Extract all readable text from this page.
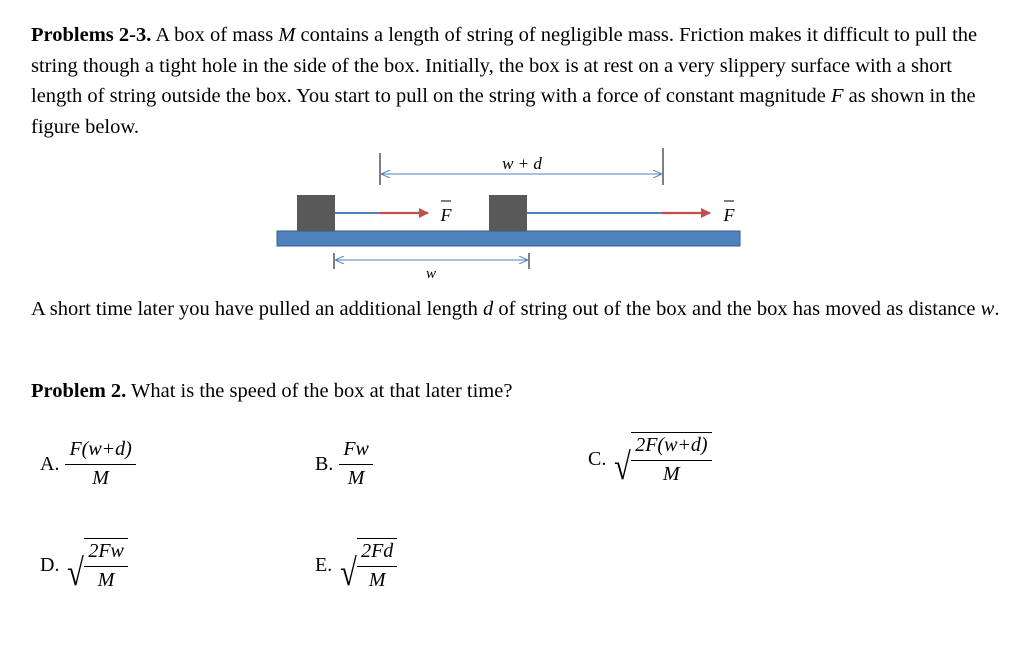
Problems 2-3. A box of mass M contains a length of string of negligible mass. Friction makes it difficult to pull the string though a tight hole in the side of the box. Initially, the box is at rest on a very slippery surface with a short length of string outside the box. You start to pull on the string with a force of constant magnitude F as shown in the figure below.

w + d
F	F
w

A short time later you have pulled an additional length d of string out of the box and the box has moved as distance w.

Problem 2. What is the speed of the box at that later time?

A. $\frac{F(w+d)}{M}$	B. $\frac{Fw}{M}$	C. √ $\frac{2F(w+d)}{M}$
D. √ $\frac{2Fw}{M}$	E. √ $\frac{2Fd}{M}$
